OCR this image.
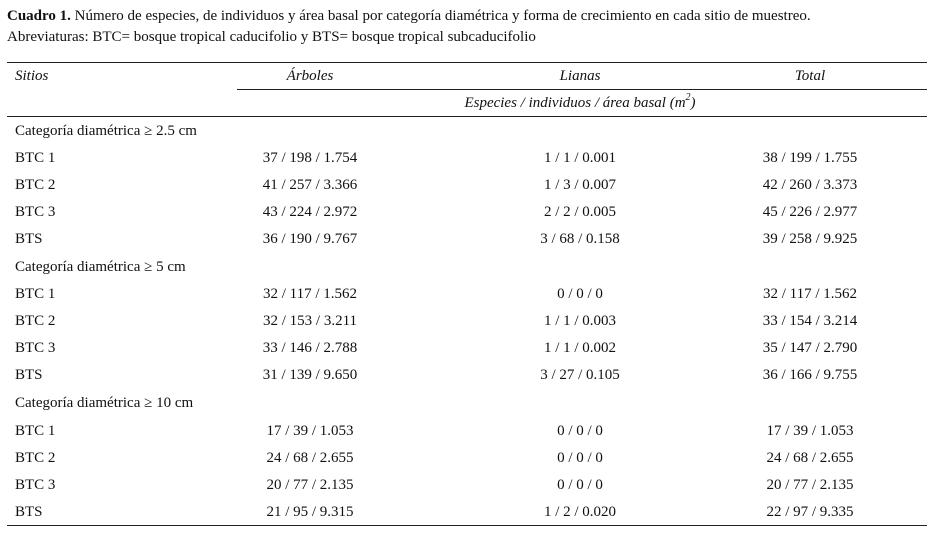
Cuadro 1. Número de especies, de individuos y área basal por categoría diamétrica y forma de crecimiento en cada sitio de muestreo.
Abreviaturas: BTC= bosque tropical caducifolio y BTS= bosque tropical subcaducifolio
Sitios	Árboles	Lianas	Total
Especies / individuos / área basal $(m^2)$
Categoría diamétrica ≥ 2.5 cm
BTC 1	37 / 198 / 1.754	1 / 1 / 0.001	38 / 199 / 1.755
BTC 2	41 / 257 / 3.366	1 / 3 / 0.007	42 / 260 / 3.373
BTC 3	43 / 224 / 2.972	2 / 2 / 0.005	45 / 226 / 2.977
BTS	36 / 190 / 9.767	3 / 68 / 0.158	39 / 258 / 9.925
Categoría diamétrica ≥ 5 cm
BTC 1	32 / 117 / 1.562	0 / 0 / 0	32 / 117 / 1.562
BTC 2	32 / 153 / 3.211	1 / 1 / 0.003	33 / 154 / 3.214
BTC 3	33 / 146 / 2.788	1 / 1 / 0.002	35 / 147 / 2.790
BTS	31 / 139 / 9.650	3 / 27 / 0.105	36 / 166 / 9.755
Categoría diamétrica ≥ 10 cm
BTC 1	17 / 39 / 1.053	0 / 0 / 0	17 / 39 / 1.053
BTC 2	24 / 68 / 2.655	0 / 0 / 0	24 / 68 / 2.655
BTC 3	20 / 77 / 2.135	0 / 0 / 0	20 / 77 / 2.135
BTS	21 / 95 / 9.315	1 / 2 / 0.020	22 / 97 / 9.335
